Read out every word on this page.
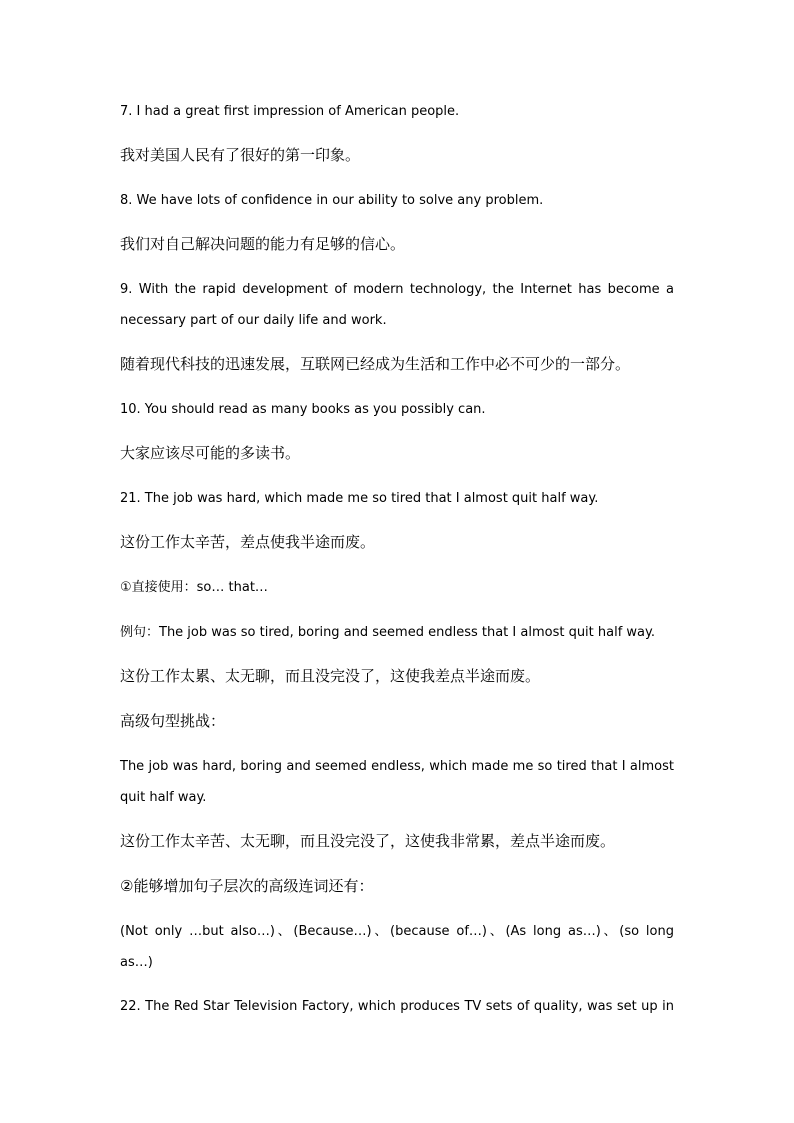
7. I had a great first impression of American people.

我对美国人民有了很好的第一印象。

8. We have lots of confidence in our ability to solve any problem.

我们对自己解决问题的能力有足够的信心。

9. With the rapid development of modern technology, the Internet has become a

necessary part of our daily life and work.

随着现代科技的迅速发展，互联网已经成为生活和工作中必不可少的一部分。

10. You should read as many books as you possibly can.

大家应该尽可能的多读书。

21. The job was hard, which made me so tired that I almost quit half way.

这份工作太辛苦，差点使我半途而废。

①直接使用：so… that…

例句：The job was so tired, boring and seemed endless that I almost quit half way.

这份工作太累、太无聊，而且没完没了，这使我差点半途而废。

高级句型挑战：

The job was hard, boring and seemed endless, which made me so tired that I almost

quit half way.

这份工作太辛苦、太无聊，而且没完没了，这使我非常累，差点半途而废。

②能够增加句子层次的高级连词还有：

(Not only …but also…)、(Because…)、(because of…)、(As long as…)、(so long

as…)

22. The Red Star Television Factory, which produces TV sets of quality, was set up in
